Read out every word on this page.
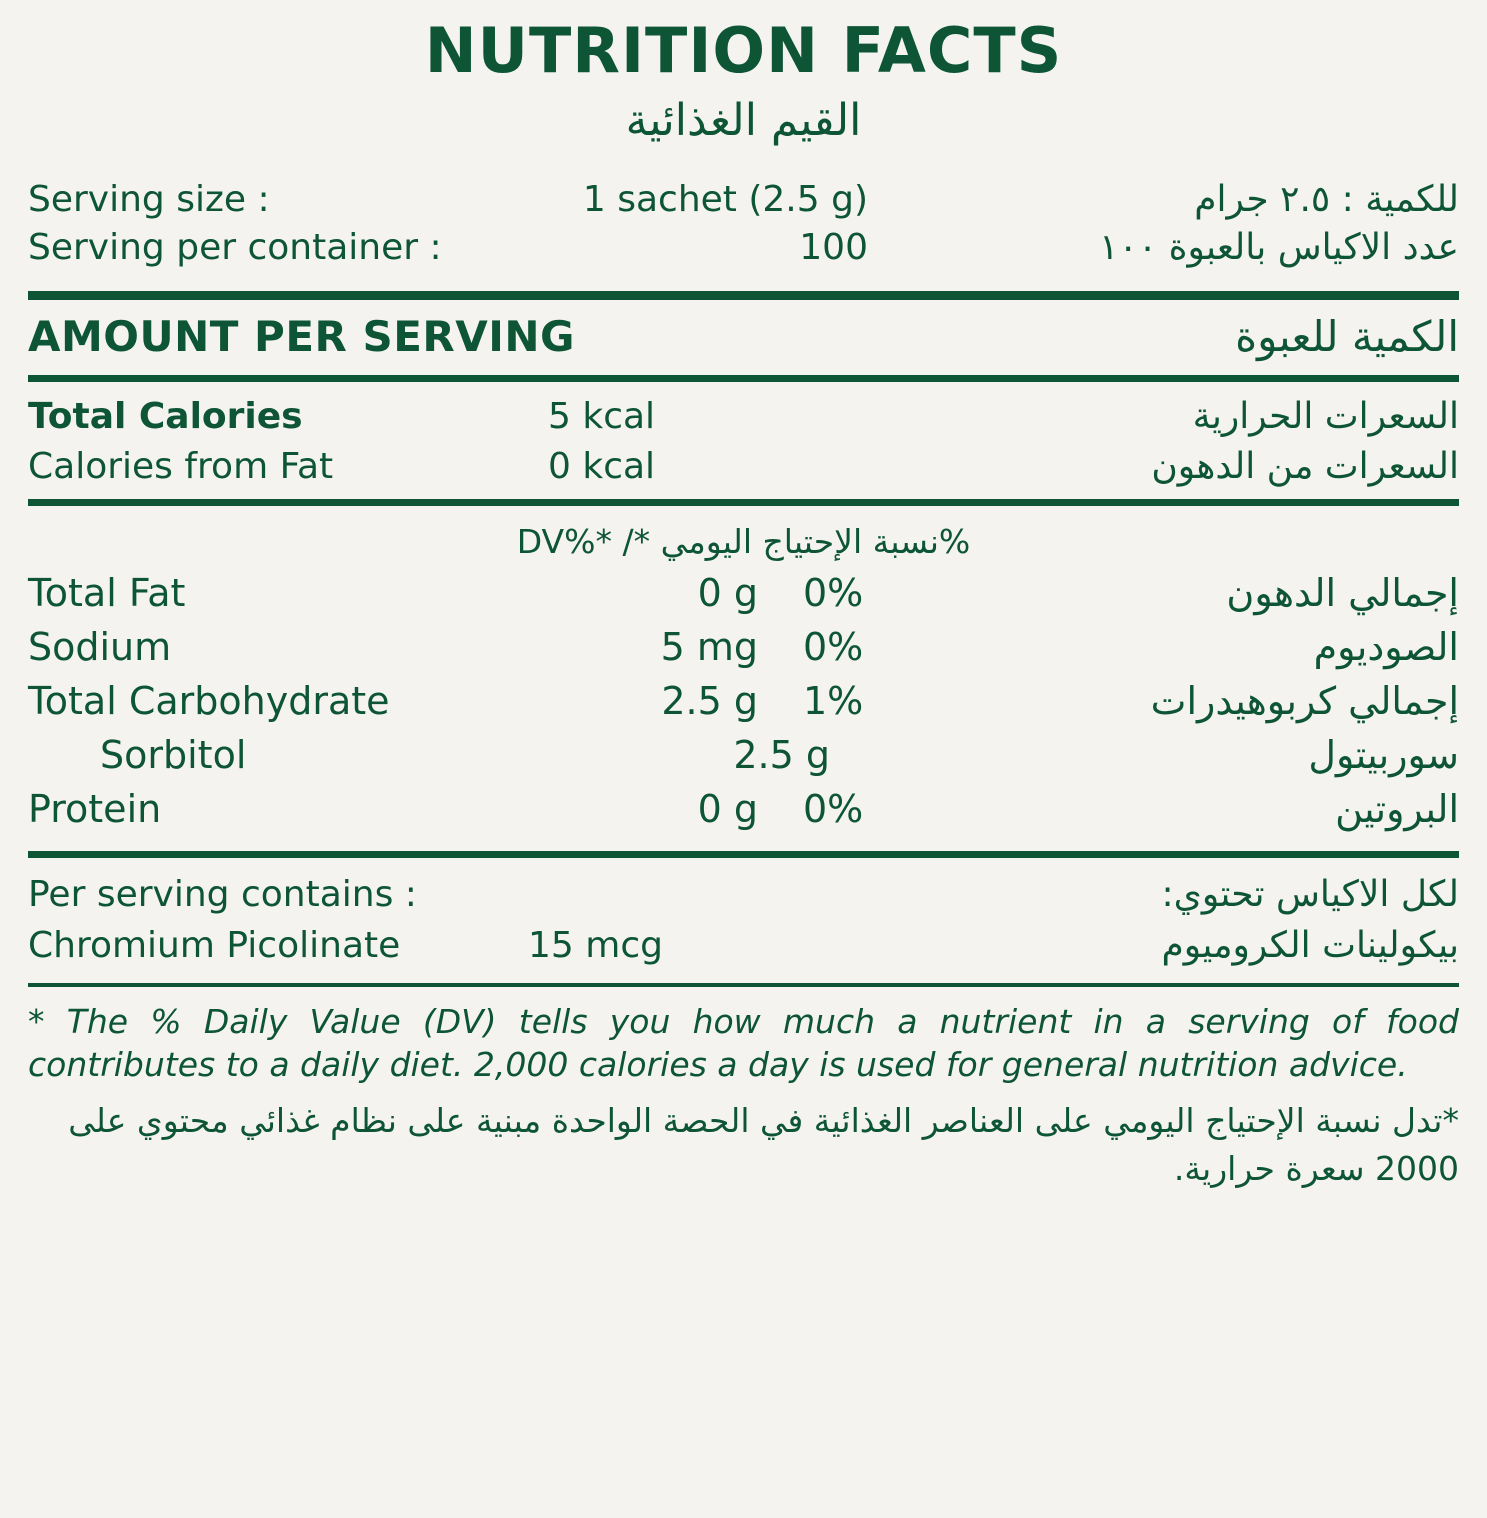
NUTRITION FACTS
القيم الغذائية
Serving size :	1 sachet (2.5 g)	للكمية : ٢.٥ جرام
Serving per container :	100	عدد الاكياس بالعبوة ١٠٠
AMOUNT PER SERVING	الكمية للعبوة
Total Calories	5 kcal	السعرات الحرارية
Calories from Fat	0 kcal	السعرات من الدهون
%نسبة الإحتياج اليومي */ *%DV
Total Fat	0 g	0%	إجمالي الدهون
Sodium	5 mg	0%	الصوديوم
Total Carbohydrate	2.5 g	1%	إجمالي كربوهيدرات
Sorbitol	2.5 g	سوربيتول
Protein	0 g	0%	البروتين
Per serving contains :	لكل الاكياس تحتوي:
Chromium Picolinate	15 mcg	بيكولينات الكروميوم
* The % Daily Value (DV) tells you how much a nutrient in a serving of food contributes to a daily diet. 2,000 calories a day is used for general nutrition advice.
*تدل نسبة الإحتياج اليومي على العناصر الغذائية في الحصة الواحدة مبنية على نظام غذائي محتوي على 2000 سعرة حرارية.
